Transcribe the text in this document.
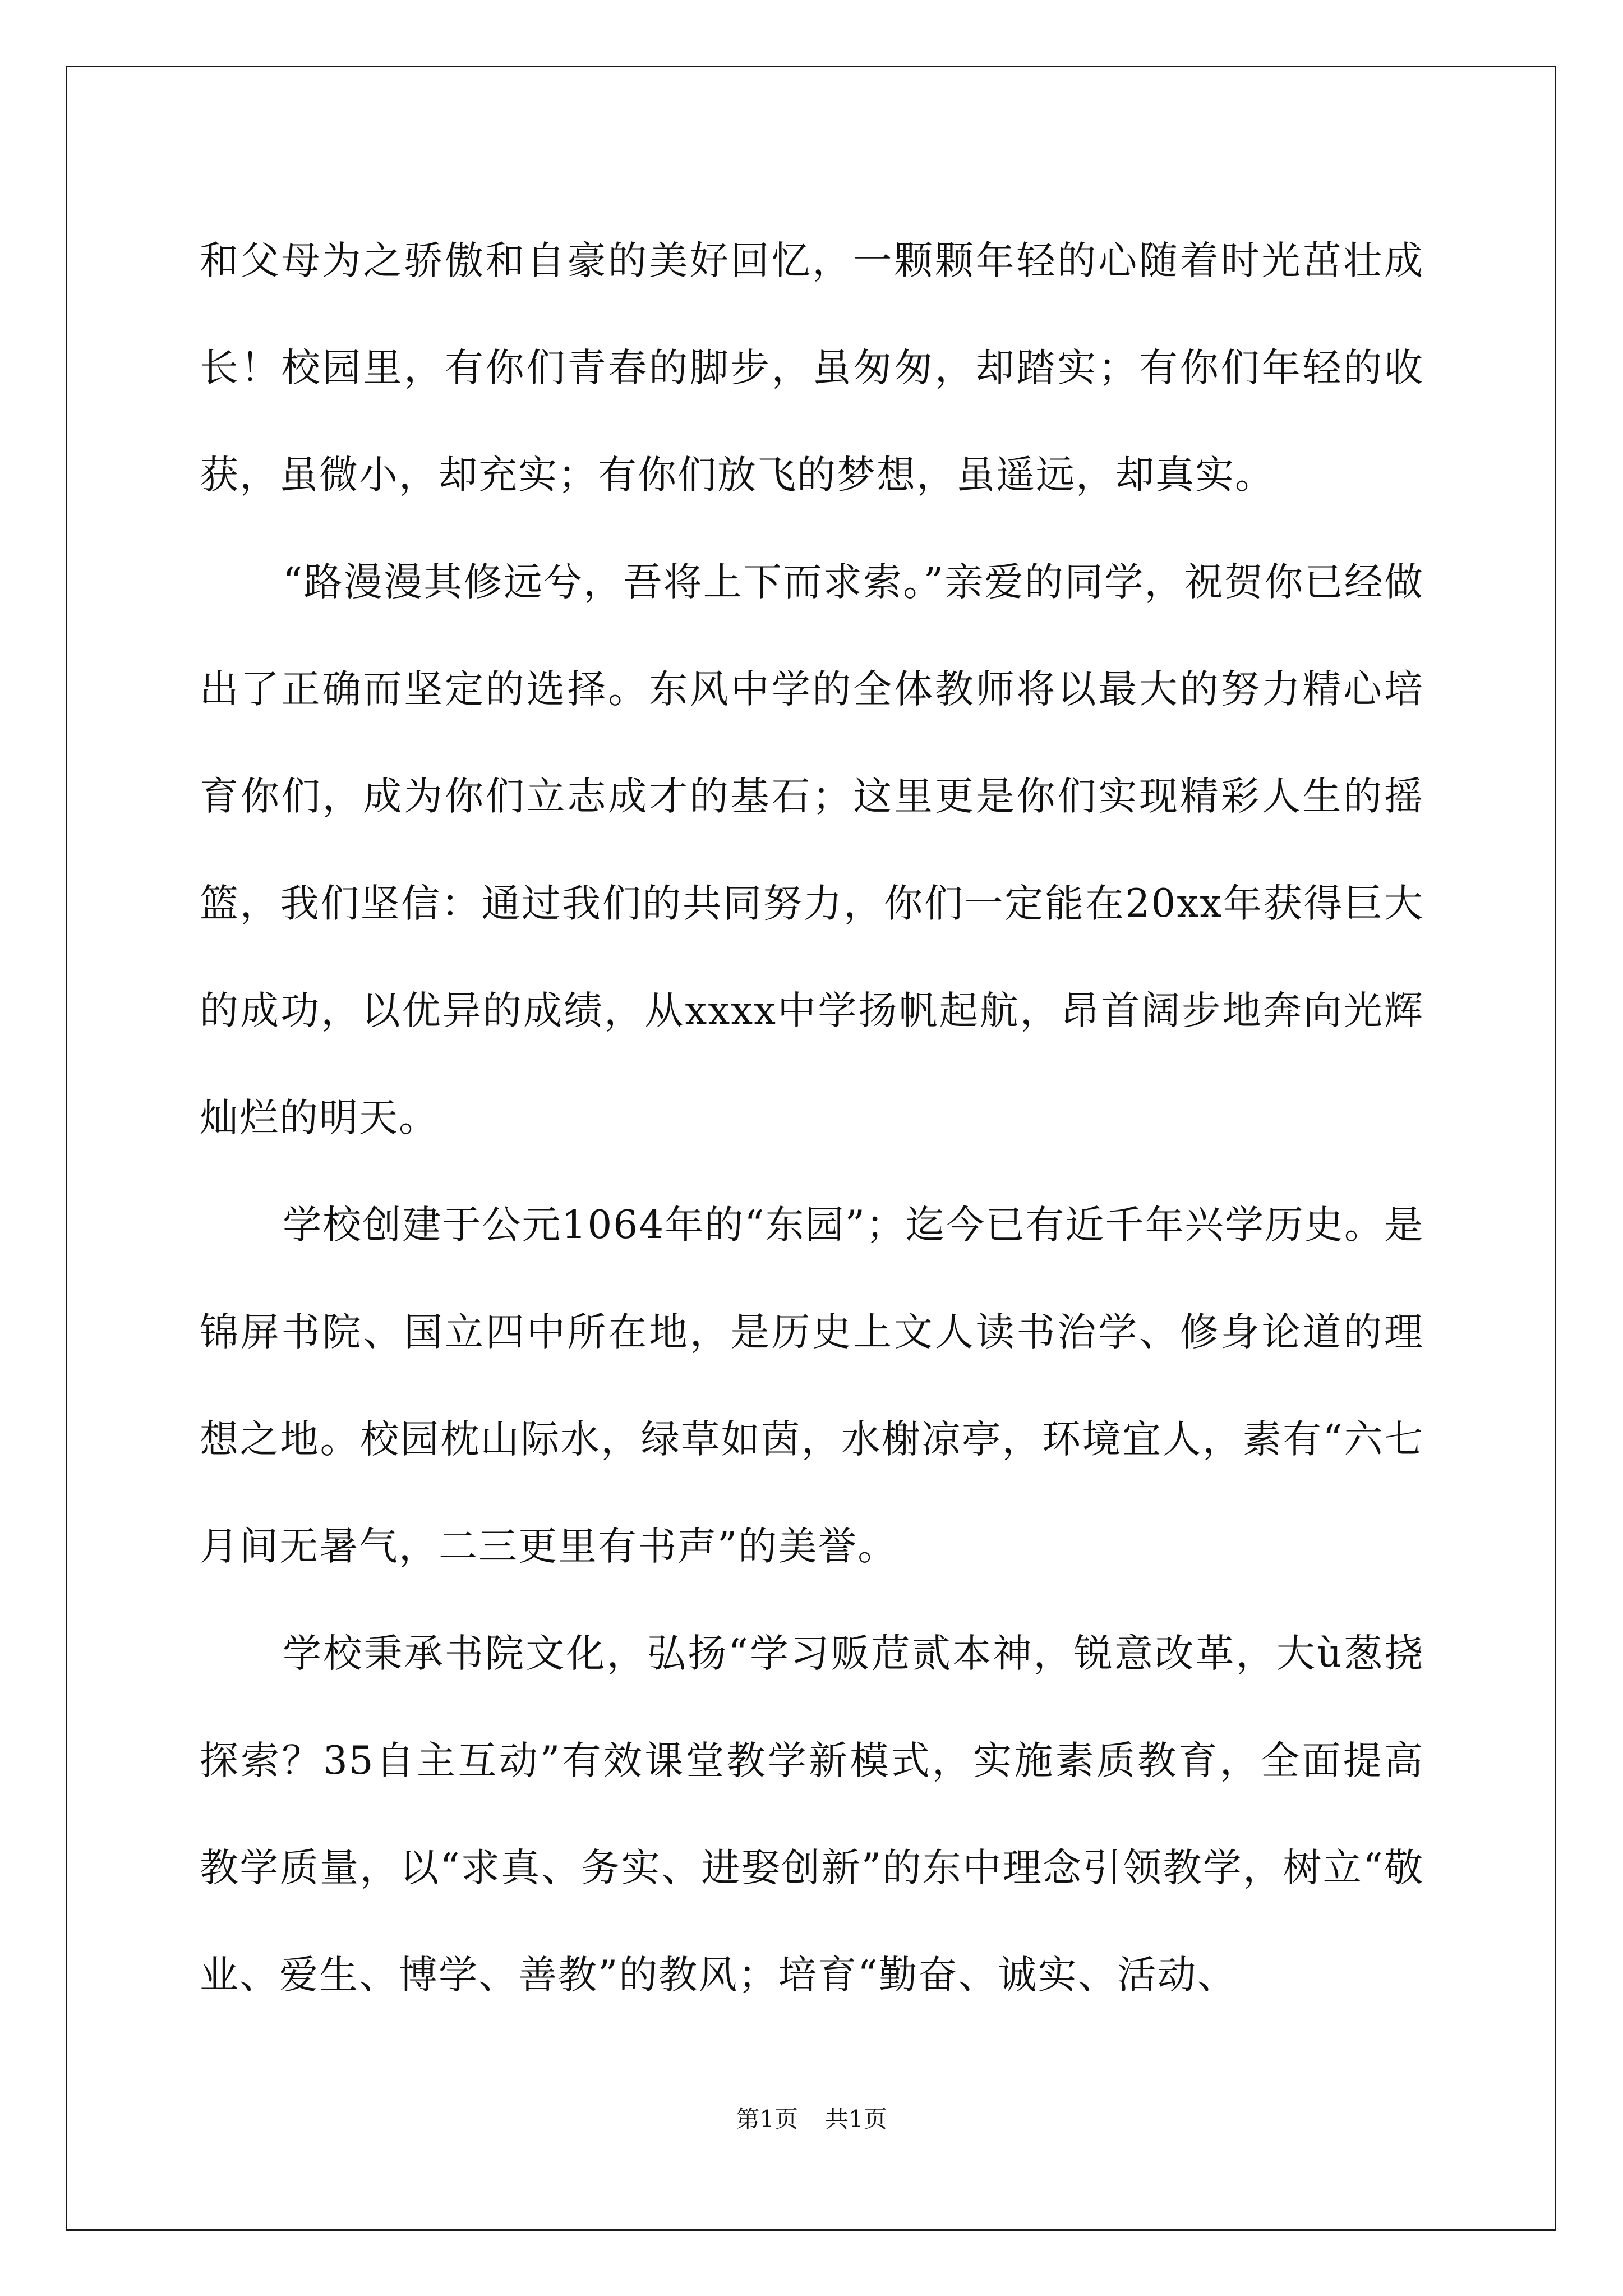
和父母为之骄傲和自豪的美好回忆，一颗颗年轻的心随着时光茁壮成长！校园里，有你们青春的脚步，虽匆匆，却踏实；有你们年轻的收获，虽微小，却充实；有你们放飞的梦想，虽遥远，却真实。

“路漫漫其修远兮，吾将上下而求索。”亲爱的同学，祝贺你已经做出了正确而坚定的选择。东风中学的全体教师将以最大的努力精心培育你们，成为你们立志成才的基石；这里更是你们实现精彩人生的摇篮，我们坚信：通过我们的共同努力，你们一定能在20xx年获得巨大的成功，以优异的成绩，从xxxx中学扬帆起航，昂首阔步地奔向光辉灿烂的明天。

学校创建于公元1064年的“东园”；迄今已有近千年兴学历史。是锦屏书院、国立四中所在地，是历史上文人读书治学、修身论道的理想之地。校园枕山际水，绿草如茵，水榭凉亭，环境宜人，素有“六七月间无暑气，二三更里有书声”的美誉。

学校秉承书院文化，弘扬“学习贩苊贰本神，锐意改革，大ù葱挠探索？35自主互动”有效课堂教学新模式，实施素质教育，全面提高教学质量，以“求真、务实、进娶创新”的东中理念引领教学，树立“敬业、爱生、博学、善教”的教风；培育“勤奋、诚实、活动、

第1页 共1页
